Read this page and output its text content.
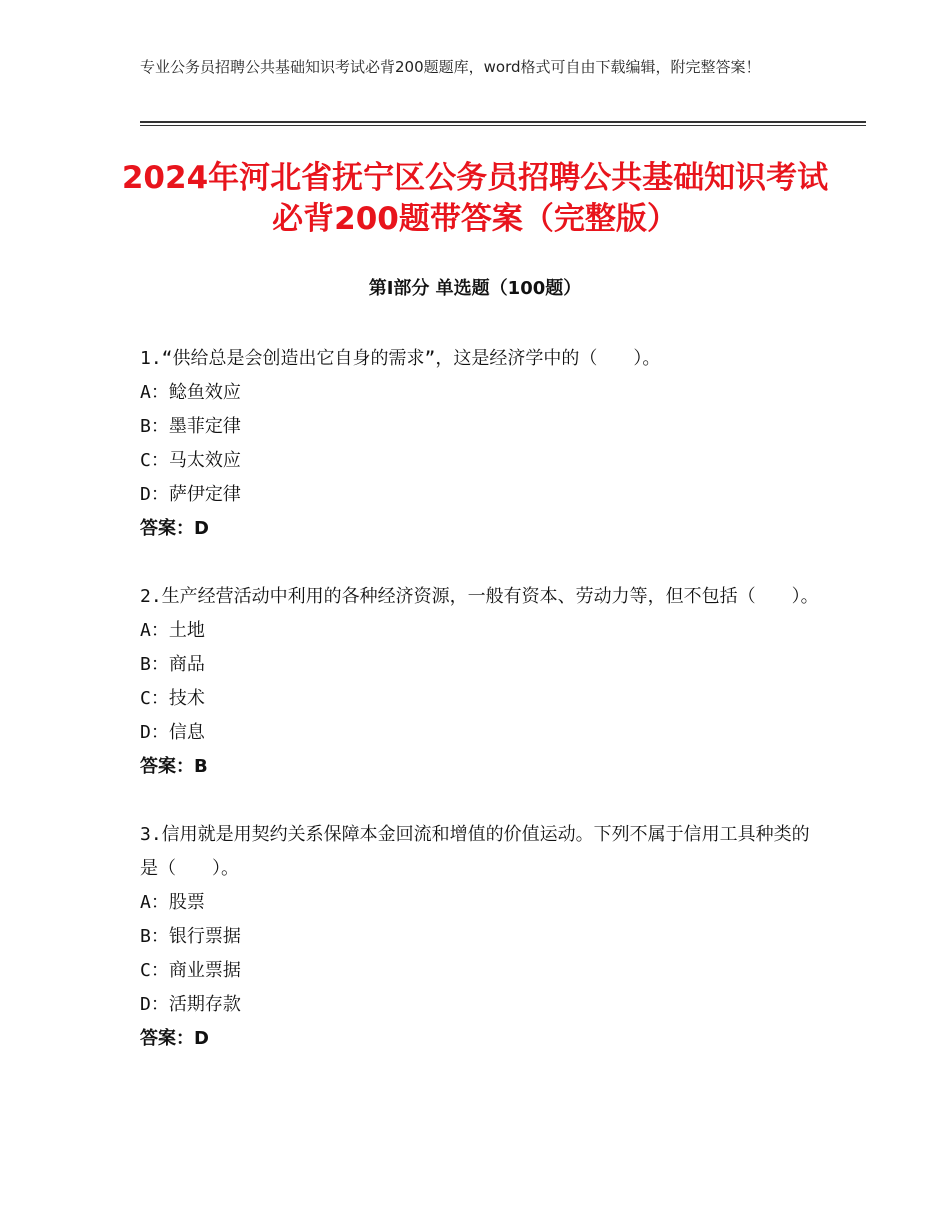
专业公务员招聘公共基础知识考试必背200题题库，word格式可自由下载编辑，附完整答案！
2024年河北省抚宁区公务员招聘公共基础知识考试必背200题带答案（完整版）
第Ⅰ部分 单选题（100题）
1.“供给总是会创造出它自身的需求”，这是经济学中的（　　）。
A：鲶鱼效应
B：墨菲定律
C：马太效应
D：萨伊定律
答案：D
2.生产经营活动中利用的各种经济资源，一般有资本、劳动力等，但不包括（　　）。
A：土地
B：商品
C：技术
D：信息
答案：B
3.信用就是用契约关系保障本金回流和增值的价值运动。下列不属于信用工具种类的是（　　）。
A：股票
B：银行票据
C：商业票据
D：活期存款
答案：D
